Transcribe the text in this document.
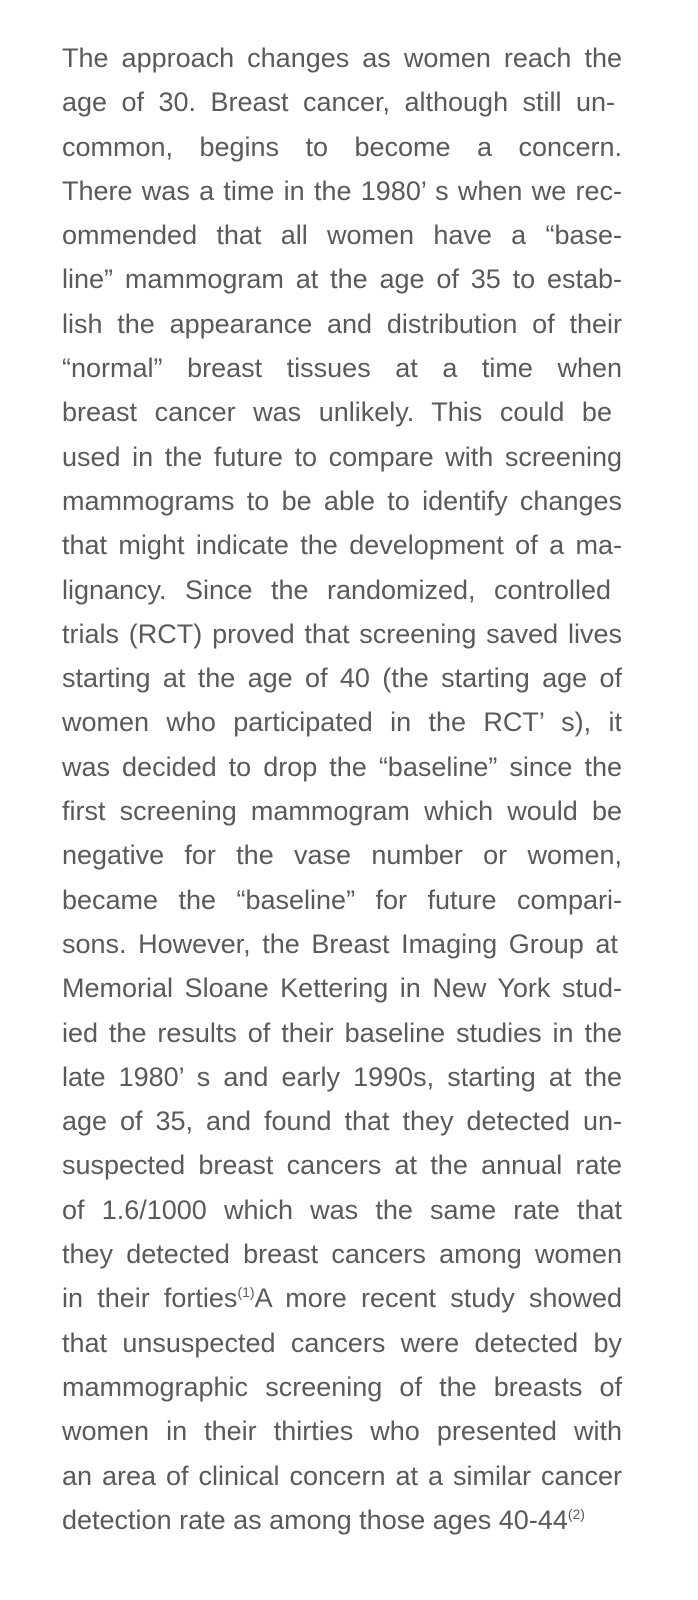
The approach changes as women reach the
age of 30. Breast cancer, although still un-
common, begins to become a concern.
There was a time in the 1980’ s when we rec-
ommended that all women have a “base-
line” mammogram at the age of 35 to estab-
lish the appearance and distribution of their
“normal” breast tissues at a time when
breast cancer was unlikely. This could be
used in the future to compare with screening
mammograms to be able to identify changes
that might indicate the development of a ma-
lignancy. Since the randomized, controlled
trials (RCT) proved that screening saved lives
starting at the age of 40 (the starting age of
women who participated in the RCT’ s), it
was decided to drop the “baseline” since the
first screening mammogram which would be
negative for the vase number or women,
became the “baseline” for future compari-
sons. However, the Breast Imaging Group at
Memorial Sloane Kettering in New York stud-
ied the results of their baseline studies in the
late 1980’ s and early 1990s, starting at the
age of 35, and found that they detected un-
suspected breast cancers at the annual rate
of 1.6/1000 which was the same rate that
they detected breast cancers among women
in their forties$^{(1)}$A more recent study showed
that unsuspected cancers were detected by
mammographic screening of the breasts of
women in their thirties who presented with
an area of clinical concern at a similar cancer
detection rate as among those ages 40-44$^{(2)}$
